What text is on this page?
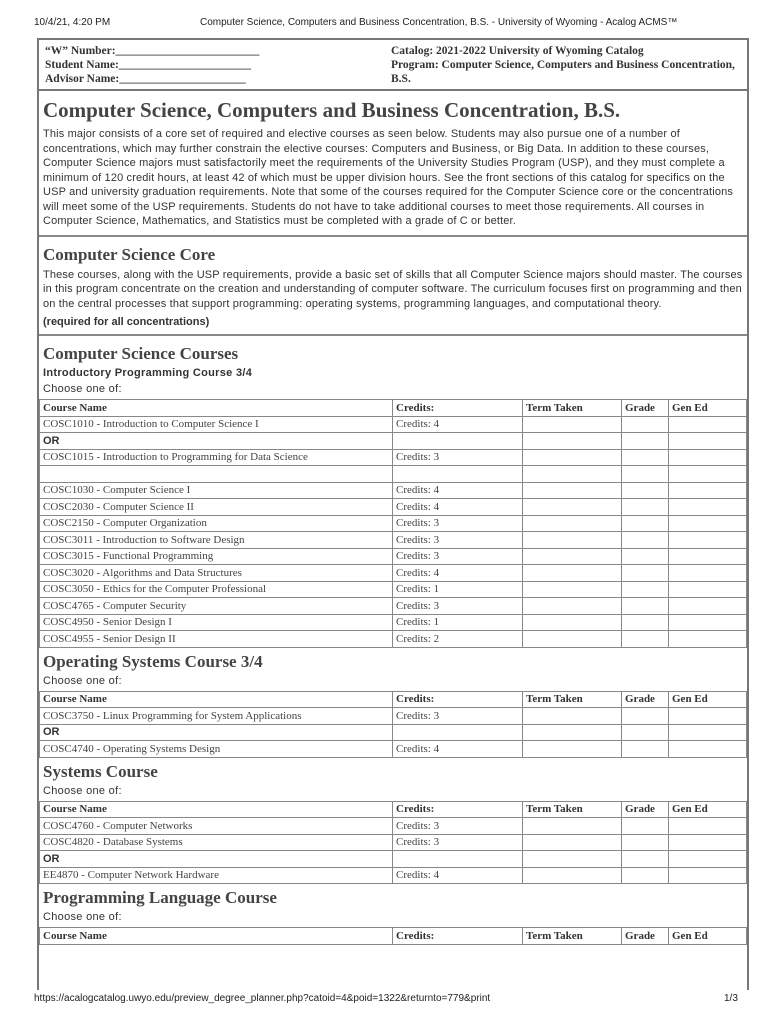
10/4/21, 4:20 PM	Computer Science, Computers and Business Concentration, B.S. - University of Wyoming - Acalog ACMS™
“W” Number:_________________________
Student Name:_______________________
Advisor Name:______________________
Catalog: 2021-2022 University of Wyoming Catalog
Program: Computer Science, Computers and Business Concentration, B.S.
Computer Science, Computers and Business Concentration, B.S.

This major consists of a core set of required and elective courses as seen below. Students may also pursue one of a number of concentrations, which may further constrain the elective courses: Computers and Business, or Big Data. In addition to these courses, Computer Science majors must satisfactorily meet the requirements of the University Studies Program (USP), and they must complete a minimum of 120 credit hours, at least 42 of which must be upper division hours. See the front sections of this catalog for specifics on the USP and university graduation requirements. Note that some of the courses required for the Computer Science core or the concentrations will meet some of the USP requirements. Students do not have to take additional courses to meet those requirements. All courses in Computer Science, Mathematics, and Statistics must be completed with a grade of C or better.

Computer Science Core

These courses, along with the USP requirements, provide a basic set of skills that all Computer Science majors should master. The courses in this program concentrate on the creation and understanding of computer software. The curriculum focuses first on programming and then on the central processes that support programming: operating systems, programming languages, and computational theory.

(required for all concentrations)
Computer Science Courses
Introductory Programming Course 3/4
Choose one of:
Course Name	Credits:	Term Taken	Grade	Gen Ed
COSC1010 - Introduction to Computer Science I	Credits: 4			
OR				
COSC1015 - Introduction to Programming for Data Science	Credits: 3			

COSC1030 - Computer Science I	Credits: 4			
COSC2030 - Computer Science II	Credits: 4			
COSC2150 - Computer Organization	Credits: 3			
COSC3011 - Introduction to Software Design	Credits: 3			
COSC3015 - Functional Programming	Credits: 3			
COSC3020 - Algorithms and Data Structures	Credits: 4			
COSC3050 - Ethics for the Computer Professional	Credits: 1			
COSC4765 - Computer Security	Credits: 3			
COSC4950 - Senior Design I	Credits: 1			
COSC4955 - Senior Design II	Credits: 2			
Operating Systems Course 3/4
Choose one of:
Course Name	Credits:	Term Taken	Grade	Gen Ed
COSC3750 - Linux Programming for System Applications	Credits: 3			
OR				
COSC4740 - Operating Systems Design	Credits: 4			
Systems Course
Choose one of:
Course Name	Credits:	Term Taken	Grade	Gen Ed
COSC4760 - Computer Networks	Credits: 3			
COSC4820 - Database Systems	Credits: 3			
OR				
EE4870 - Computer Network Hardware	Credits: 4			
Programming Language Course
Choose one of:
Course Name	Credits:	Term Taken	Grade	Gen Ed
https://acalogcatalog.uwyo.edu/preview_degree_planner.php?catoid=4&poid=1322&returnto=779&print	1/3
